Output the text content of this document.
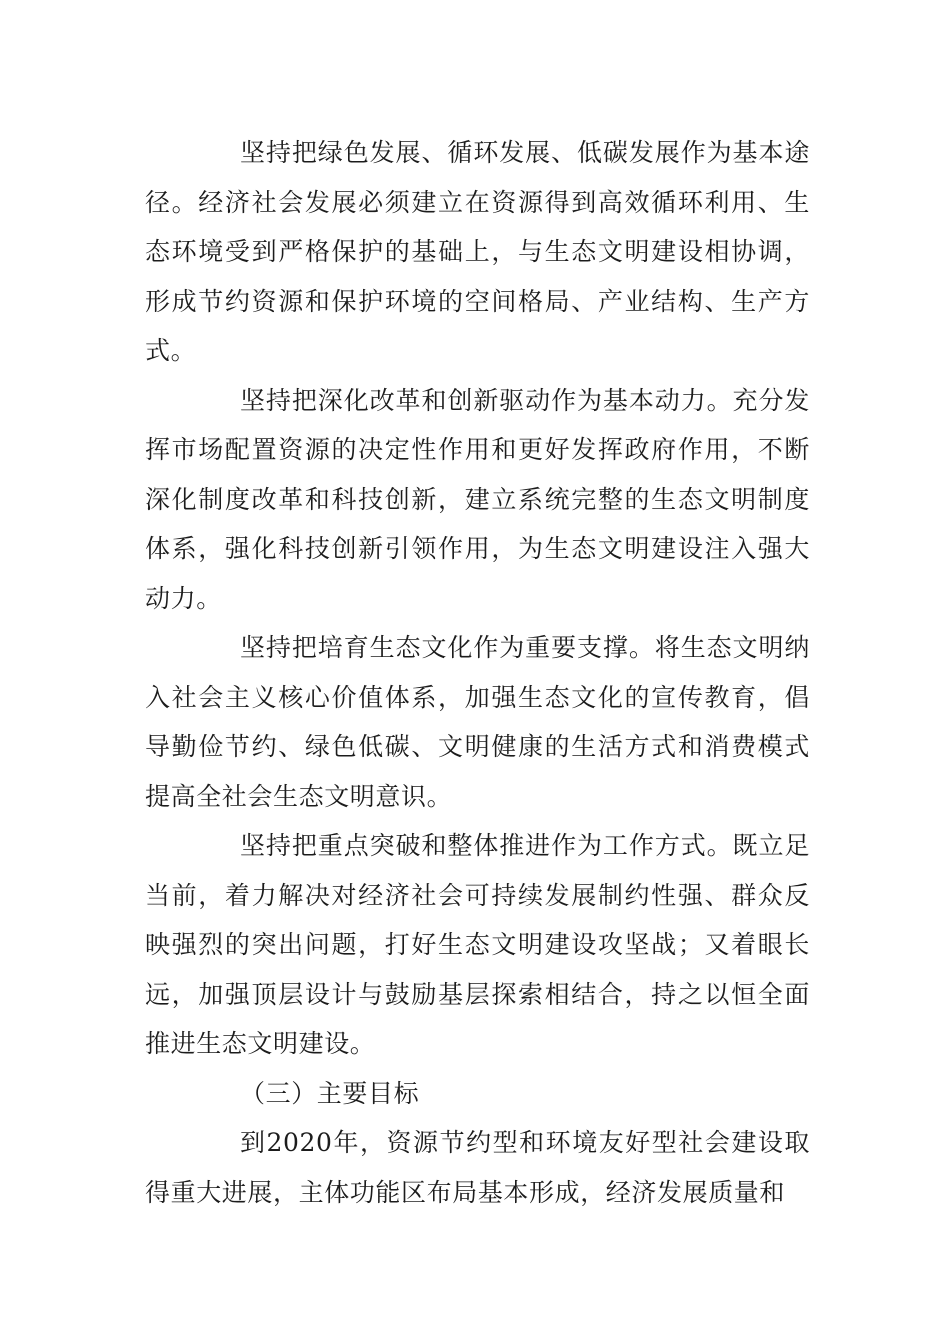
坚持把绿色发展、循环发展、低碳发展作为基本途径。经济社会发展必须建立在资源得到高效循环利用、生态环境受到严格保护的基础上，与生态文明建设相协调，形成节约资源和保护环境的空间格局、产业结构、生产方式。

坚持把深化改革和创新驱动作为基本动力。充分发挥市场配置资源的决定性作用和更好发挥政府作用，不断深化制度改革和科技创新，建立系统完整的生态文明制度体系，强化科技创新引领作用，为生态文明建设注入强大动力。

坚持把培育生态文化作为重要支撑。将生态文明纳入社会主义核心价值体系，加强生态文化的宣传教育，倡导勤俭节约、绿色低碳、文明健康的生活方式和消费模式提高全社会生态文明意识。

坚持把重点突破和整体推进作为工作方式。既立足当前，着力解决对经济社会可持续发展制约性强、群众反映强烈的突出问题，打好生态文明建设攻坚战；又着眼长远，加强顶层设计与鼓励基层探索相结合，持之以恒全面推进生态文明建设。

（三）主要目标

到2020年，资源节约型和环境友好型社会建设取得重大进展，主体功能区布局基本形成，经济发展质量和
